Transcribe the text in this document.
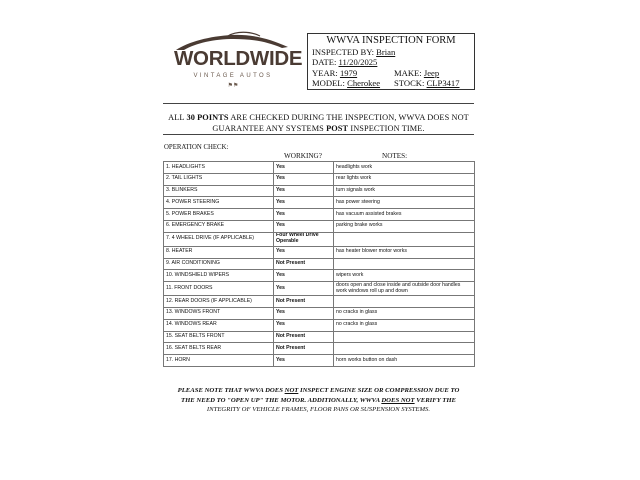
WORLDWIDE
VINTAGE AUTOS
⚑⚑
WWVA INSPECTION FORM
INSPECTED BY: Brian
DATE: 11/20/2025
YEAR: 1979	MAKE: Jeep
MODEL: Cherokee STOCK: CLP3417
ALL 30 POINTS ARE CHECKED DURING THE INSPECTION, WWVA DOES NOT
GUARANTEE ANY SYSTEMS POST INSPECTION TIME.
OPERATION CHECK:
WORKING?	NOTES:
1. HEADLIGHTS	Yes	headlights work
2. TAIL LIGHTS	Yes	rear lights work
3. BLINKERS	Yes	turn signals work
4. POWER STEERING	Yes	has power steering
5. POWER BRAKES	Yes	has vacuum assisted brakes
6. EMERGENCY BRAKE	Yes	parking brake works
7. 4 WHEEL DRIVE (IF APPLICABLE)	Four Wheel Drive Operable	
8. HEATER	Yes	has heater blower motor works
9. AIR CONDITIONING	Not Present	
10. WINDSHIELD WIPERS	Yes	wipers work
11. FRONT DOORS	Yes	doors open and close inside and outside door handles work windows roll up and down
12. REAR DOORS (IF APPLICABLE)	Not Present	
13. WINDOWS FRONT	Yes	no cracks in glass
14. WINDOWS REAR	Yes	no cracks in glass
15. SEAT BELTS FRONT	Not Present	
16. SEAT BELTS REAR	Not Present	
17. HORN	Yes	horn works button on dash
PLEASE NOTE THAT WWVA DOES NOT INSPECT ENGINE SIZE OR COMPRESSION DUE TO
THE NEED TO "OPEN UP" THE MOTOR. ADDITIONALLY, WWVA DOES NOT VERIFY THE
INTEGRITY OF VEHICLE FRAMES, FLOOR PANS OR SUSPENSION SYSTEMS.
